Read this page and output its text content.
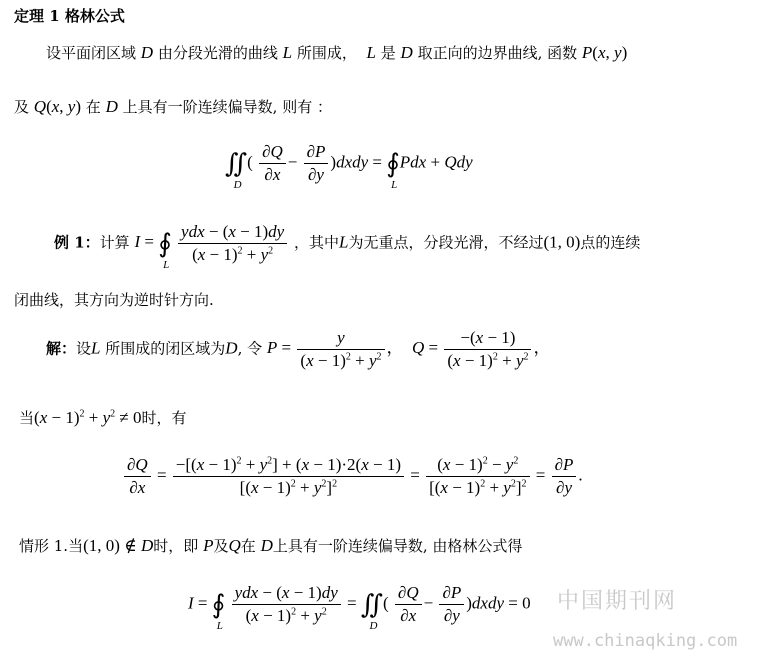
定理 1 格林公式
设平面闭区域 D 由分段光滑的曲线 L 所围成， L 是 D 取正向的边界曲线, 函数 P(x, y)
及 Q(x, y) 在 D 上具有一阶连续偏导数, 则有 ：
∬
D
( $\frac{\partial Q}{\partial x} - \frac{\partial P}{\partial y}$ )dxdy = ∮
L
Pdx + Qdy
例 1：计算 I = ∮
L
$\frac{\text{ydx − (x − 1)dy}}{(x - 1)^2 + y^2}$ ，其中L为无重点，分段光滑，不经过(1, 0)点的连续
闭曲线，其方向为逆时针方向.
解：设L 所围成的闭区域为D, 令 $P = \frac{y}{(x - 1)^2 + y^2}$ ，  $Q = \frac{-(x - 1)}{(x - 1)^2 + y^2}$ ，
当$(x - 1)^2 + y^2 \ne 0$时，有
$\frac{\partial Q}{\partial x} = \frac{-[(x - 1)^2 + y^2] + (x - 1)\cdot 2(x - 1)}{[(x - 1)^2 + y^2]^2} = \frac{(x - 1)^2 - y^2}{[(x - 1)^2 + y^2]^2} = \frac{\partial P}{\partial y}$ .
情形 1.当(1, 0) ∉ D时，即 P及Q在 D上具有一阶连续偏导数, 由格林公式得
I = ∮
L
$\frac{\text{ydx − (x − 1)dy}}{(x - 1)^2 + y^2}$ = ∬
D
( $\frac{\partial Q}{\partial x} - \frac{\partial P}{\partial y}$ )dxdy = 0 中国期刊网
www.chinaqking.com
